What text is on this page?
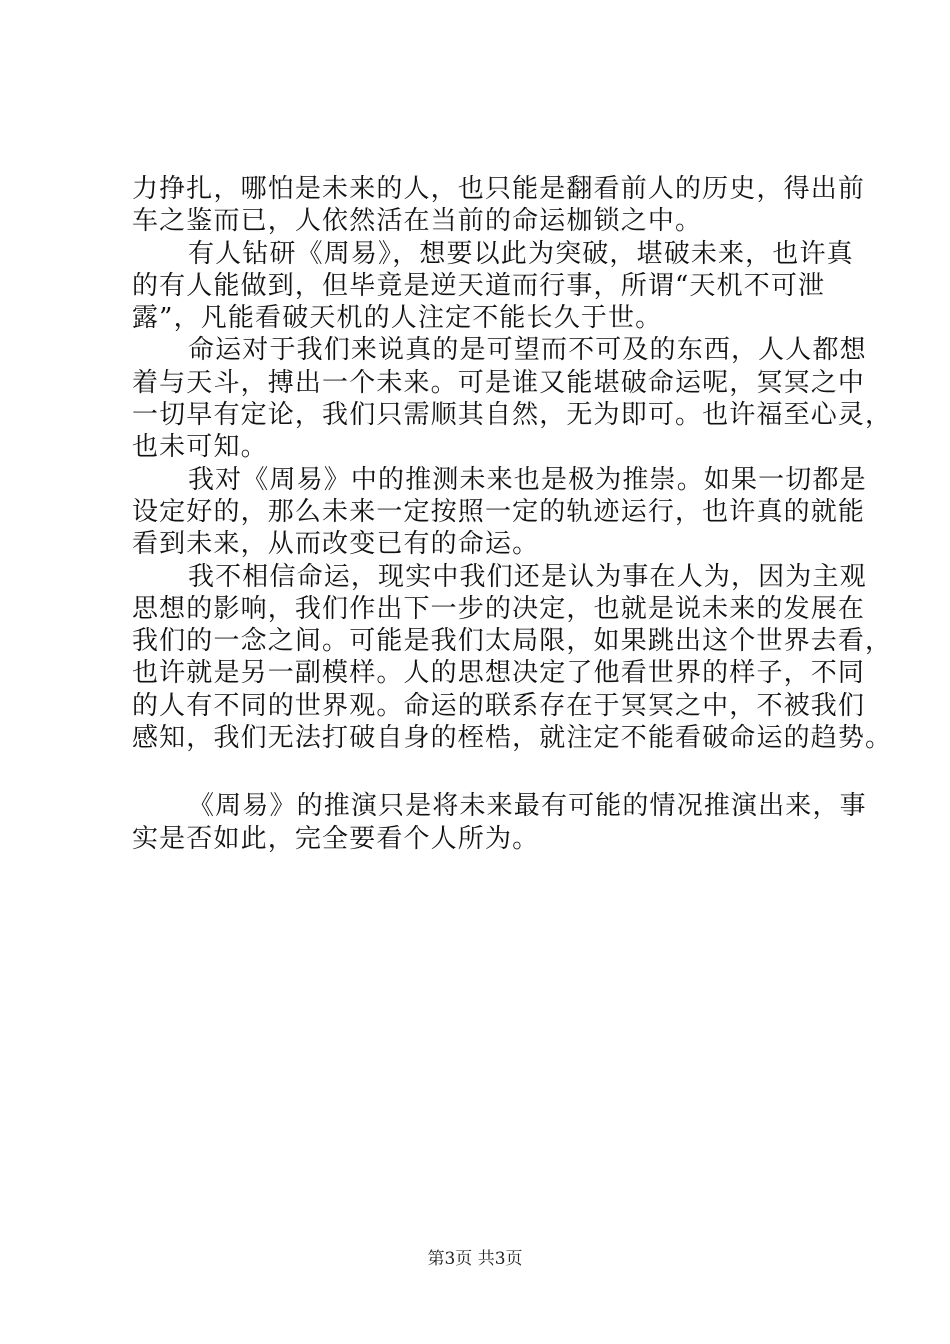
力挣扎，哪怕是未来的人，也只能是翻看前人的历史，得出前
车之鉴而已，人依然活在当前的命运枷锁之中。
有人钻研《周易》，想要以此为突破，堪破未来，也许真
的有人能做到，但毕竟是逆天道而行事，所谓“天机不可泄
露”，凡能看破天机的人注定不能长久于世。
命运对于我们来说真的是可望而不可及的东西，人人都想
着与天斗，搏出一个未来。可是谁又能堪破命运呢，冥冥之中
一切早有定论，我们只需顺其自然，无为即可。也许福至心灵，
也未可知。
我对《周易》中的推测未来也是极为推崇。如果一切都是
设定好的，那么未来一定按照一定的轨迹运行，也许真的就能
看到未来，从而改变已有的命运。
我不相信命运，现实中我们还是认为事在人为，因为主观
思想的影响，我们作出下一步的决定，也就是说未来的发展在
我们的一念之间。可能是我们太局限，如果跳出这个世界去看，
也许就是另一副模样。人的思想决定了他看世界的样子，不同
的人有不同的世界观。命运的联系存在于冥冥之中，不被我们
感知，我们无法打破自身的桎梏，就注定不能看破命运的趋势。
《周易》的推演只是将未来最有可能的情况推演出来，事
实是否如此，完全要看个人所为。
第3页 共3页
